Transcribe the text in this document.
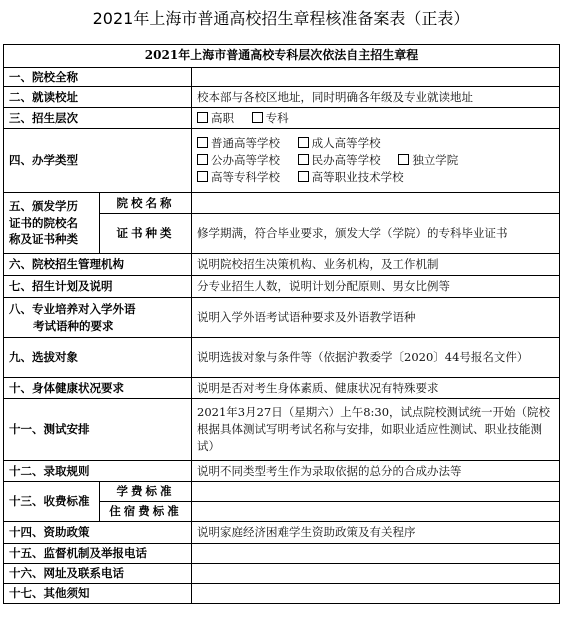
2021年上海市普通高校招生章程核准备案表（正表）
2021年上海市普通高校专科层次依法自主招生章程		
一、院校全称		
二、就读校址		校本部与各校区地址，同时明确各年级及专业就读地址
三、招生层次		高职 专科
四、办学类型		普通高等学校 成人高等学校
公办高等学校 民办高等学校 独立学院
高等专科学校 高等职业技术学校

五、颁发学历
证书的院校名
称及证书种类	院校名称	
	证书种类	修学期满，符合毕业要求，颁发大学（学院）的专科毕业证书
六、院校招生管理机构		说明院校招生决策机构、业务机构，及工作机制
七、招生计划及说明		分专业招生人数，说明计划分配原则、男女比例等

八、专业培养对入学外语
考试语种的要求		说明入学外语考试语种要求及外语教学语种
九、选拔对象		说明选拔对象与条件等（依据沪教委学〔2020〕44号报名文件）
十、身体健康状况要求		说明是否对考生身体素质、健康状况有特殊要求
十一、测试安排		2021年3月27日（星期六）上午8:30，试点院校测试统一开始（院校根据具体测试写明考试名称与安排，如职业适应性测试、职业技能测试）
十二、录取规则		说明不同类型考生作为录取依据的总分的合成办法等
十三、收费标准	学费标准	
	住宿费标准	
十四、资助政策		说明家庭经济困难学生资助政策及有关程序
十五、监督机制及举报电话		
十六、网址及联系电话		
十七、其他须知		
